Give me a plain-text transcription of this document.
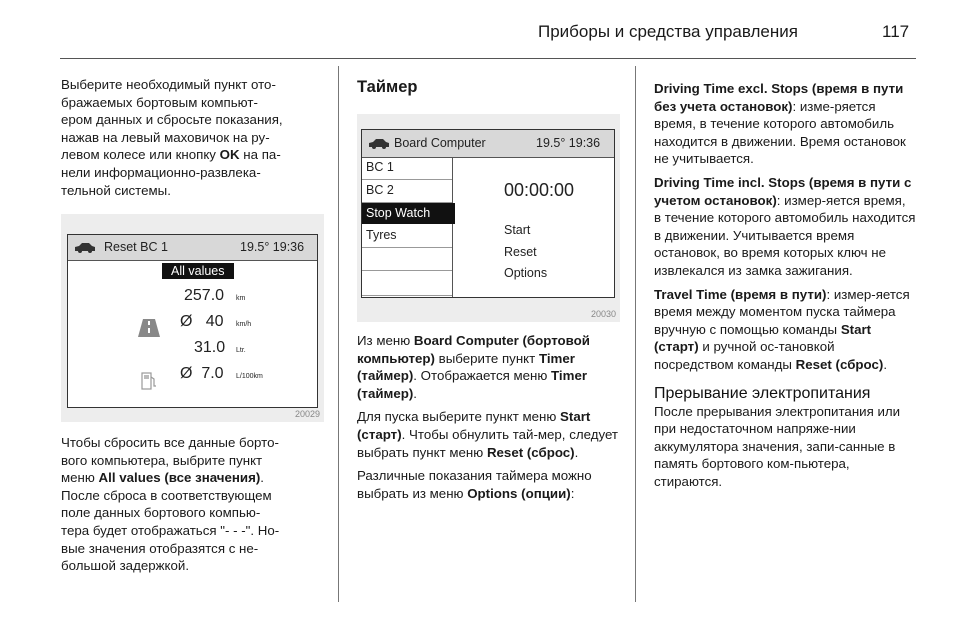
Приборы и средства управления	117
Выберите необходимый пункт ото-
бражаемых бортовым компьют-
ером данных и сбросьте показания,
нажав на левый маховичок на ру-
левом колесе или кнопку OK на па-
нели информационно-развлека-
тельной системы.
Reset BC 1	19.5° 19:36
All values
257.0 km
Ø   40 km/h
31.0 Ltr.
Ø  7.0 L/100km
20029
Чтобы сбросить все данные борто-
вого компьютера, выбрите пункт
меню All values (все значения).
После сброса в соответствующем
поле данных бортового компью-
тера будет отображаться "- - -". Но-
вые значения отобразятся с не-
большой задержкой.
Таймер
Board Computer	19.5° 19:36
BC 1
BC 2
Stop Watch
Tyres
00:00:00
Start
Reset
Options
20030

Из меню Board Computer (бортовой компьютер) выберите пункт Timer (таймер). Отображается меню Timer (таймер).

Для пуска выберите пункт меню Start (старт). Чтобы обнулить тай-мер, следует выбрать пункт меню Reset (сброс).

Различные показания таймера можно выбрать из меню Options (опции):

Driving Time excl. Stops (время в пути без учета остановок): изме-ряется время, в течение которого автомобиль находится в движении. Время остановок не учитывается.

Driving Time incl. Stops (время в пути с учетом остановок): измер-яется время, в течение которого автомобиль находится в движении. Учитывается время остановок, во время которых ключ не извлекался из замка зажигания.

Travel Time (время в пути): измер-яется время между моментом пуска таймера вручную с помощью команды Start (старт) и ручной ос-тановкой посредством команды Reset (сброс).

Прерывание электропитания

После прерывания электропитания или при недостаточном напряже-нии аккумулятора значения, запи-санные в память бортового ком-пьютера, стираются.
